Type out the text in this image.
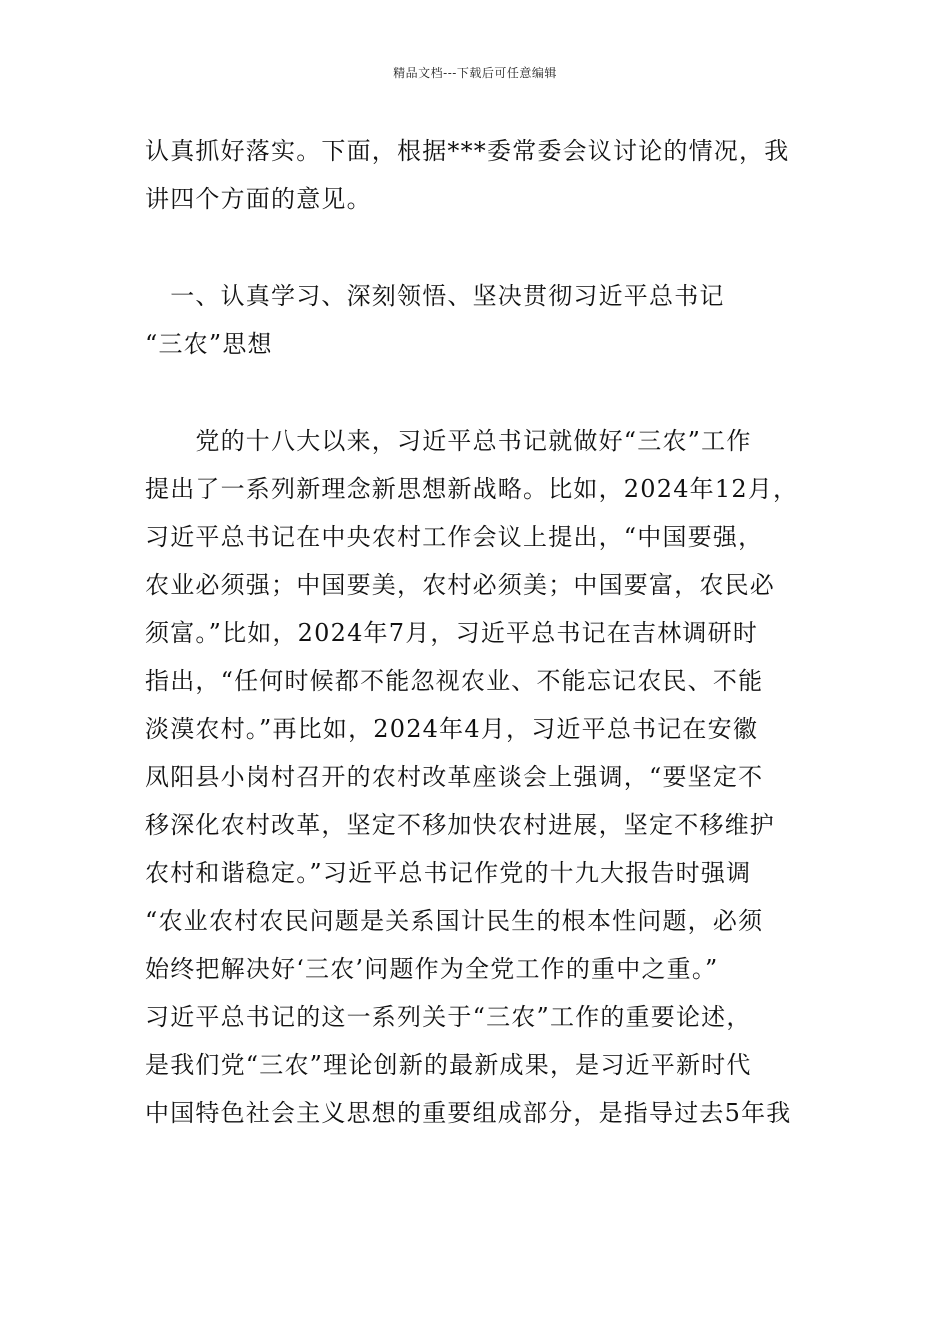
精品文档---下载后可任意编辑
认真抓好落实。下面，根据***委常委会议讨论的情况，我
讲四个方面的意见。
　一、认真学习、深刻领悟、坚决贯彻习近平总书记
“三农”思想
　　党的十八大以来，习近平总书记就做好“三农”工作
提出了一系列新理念新思想新战略。比如，2024年12月，
习近平总书记在中央农村工作会议上提出，“中国要强，
农业必须强；中国要美，农村必须美；中国要富，农民必
须富。”比如，2024年7月，习近平总书记在吉林调研时
指出，“任何时候都不能忽视农业、不能忘记农民、不能
淡漠农村。”再比如，2024年4月，习近平总书记在安徽
凤阳县小岗村召开的农村改革座谈会上强调，“要坚定不
移深化农村改革，坚定不移加快农村进展，坚定不移维护
农村和谐稳定。”习近平总书记作党的十九大报告时强调
“农业农村农民问题是关系国计民生的根本性问题，必须
始终把解决好‘三农’问题作为全党工作的重中之重。”
习近平总书记的这一系列关于“三农”工作的重要论述，
是我们党“三农”理论创新的最新成果，是习近平新时代
中国特色社会主义思想的重要组成部分，是指导过去5年我
